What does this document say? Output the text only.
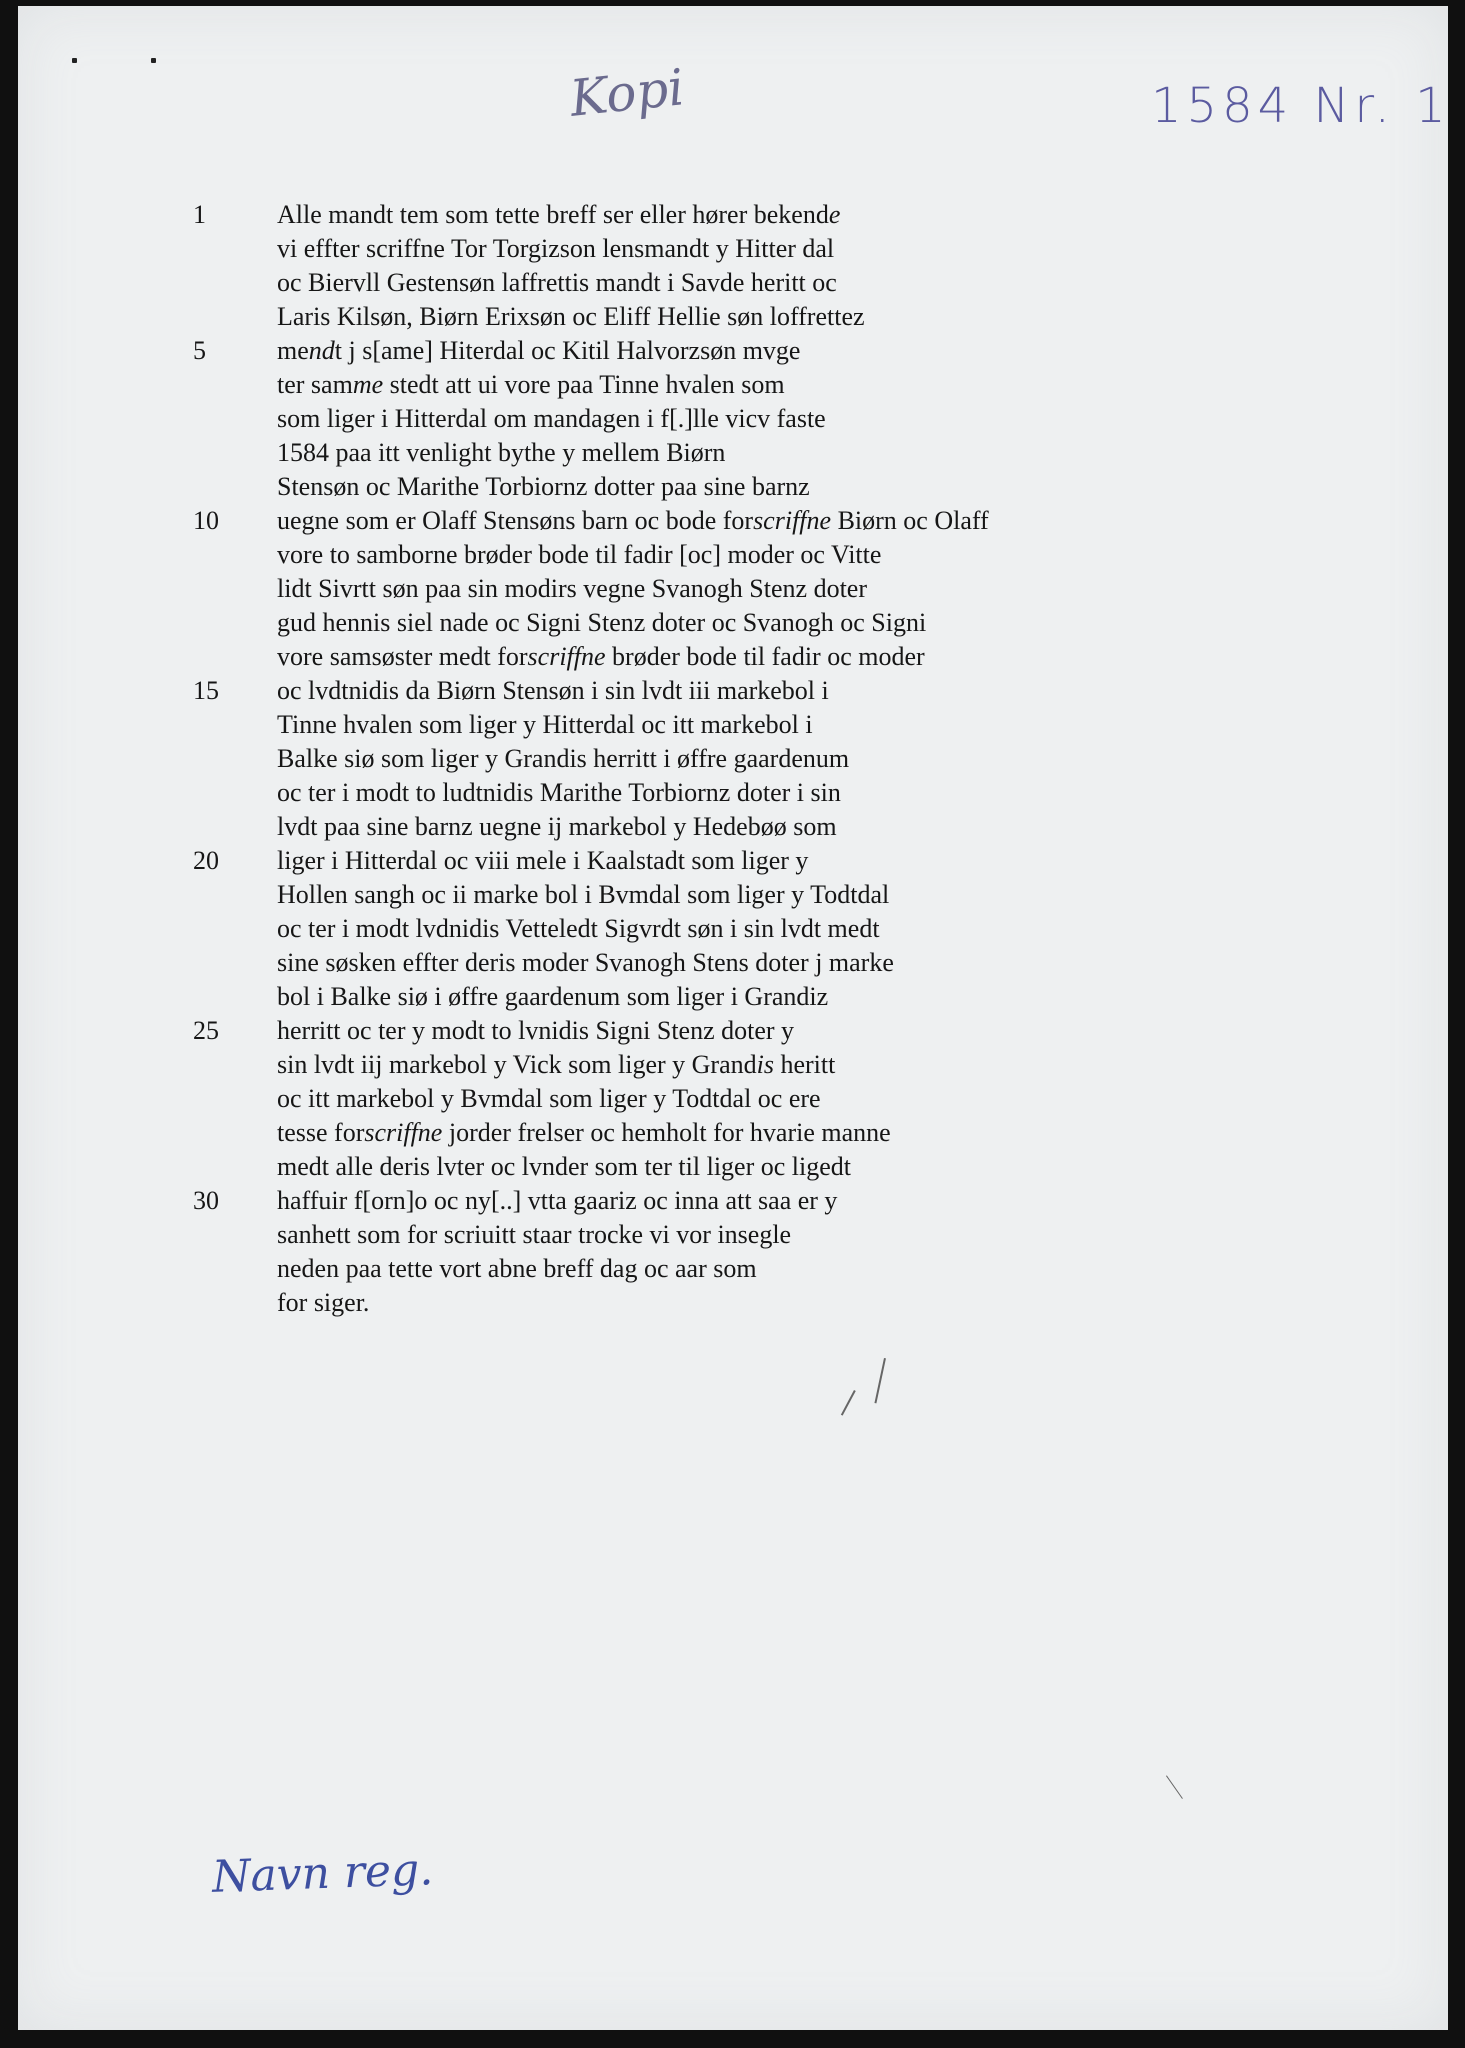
Kopi	1584 Nr. 1
1	Alle mandt tem som tette breff ser eller hører bekende
vi effter scriffne Tor Torgizson lensmandt y Hitter dal
oc Biervll Gestensøn laffrettis mandt i Savde heritt oc
Laris Kilsøn, Biørn Erixsøn oc Eliff Hellie søn loffrettez
5	mendt j s[ame] Hiterdal oc Kitil Halvorzsøn mvge
ter samme stedt att ui vore paa Tinne hvalen som
som liger i Hitterdal om mandagen i f[.]lle vicv faste
1584 paa itt venlight bythe y mellem Biørn
Stensøn oc Marithe Torbiornz dotter paa sine barnz
10	uegne som er Olaff Stensøns barn oc bode forscriffne Biørn oc Olaff
vore to samborne brøder bode til fadir [oc] moder oc Vitte
lidt Sivrtt søn paa sin modirs vegne Svanogh Stenz doter
gud hennis siel nade oc Signi Stenz doter oc Svanogh oc Signi
vore samsøster medt forscriffne brøder bode til fadir oc moder
15	oc lvdtnidis da Biørn Stensøn i sin lvdt iii markebol i
Tinne hvalen som liger y Hitterdal oc itt markebol i
Balke siø som liger y Grandis herritt i øffre gaardenum
oc ter i modt to ludtnidis Marithe Torbiornz doter i sin
lvdt paa sine barnz uegne ij markebol y Hedebøø som
20	liger i Hitterdal oc viii mele i Kaalstadt som liger y
Hollen sangh oc ii marke bol i Bvmdal som liger y Todtdal
oc ter i modt lvdnidis Vetteledt Sigvrdt søn i sin lvdt medt
sine søsken effter deris moder Svanogh Stens doter j marke
bol i Balke siø i øffre gaardenum som liger i Grandiz
25	herritt oc ter y modt to lvnidis Signi Stenz doter y
sin lvdt iij markebol y Vick som liger y Grandis heritt
oc itt markebol y Bvmdal som liger y Todtdal oc ere
tesse forscriffne jorder frelser oc hemholt for hvarie manne
medt alle deris lvter oc lvnder som ter til liger oc ligedt
30	haffuir f[orn]o oc ny[..] vtta gaariz oc inna att saa er y
sanhett som for scriuitt staar trocke vi vor insegle
neden paa tette vort abne breff dag oc aar som
for siger.
Navn reg.
